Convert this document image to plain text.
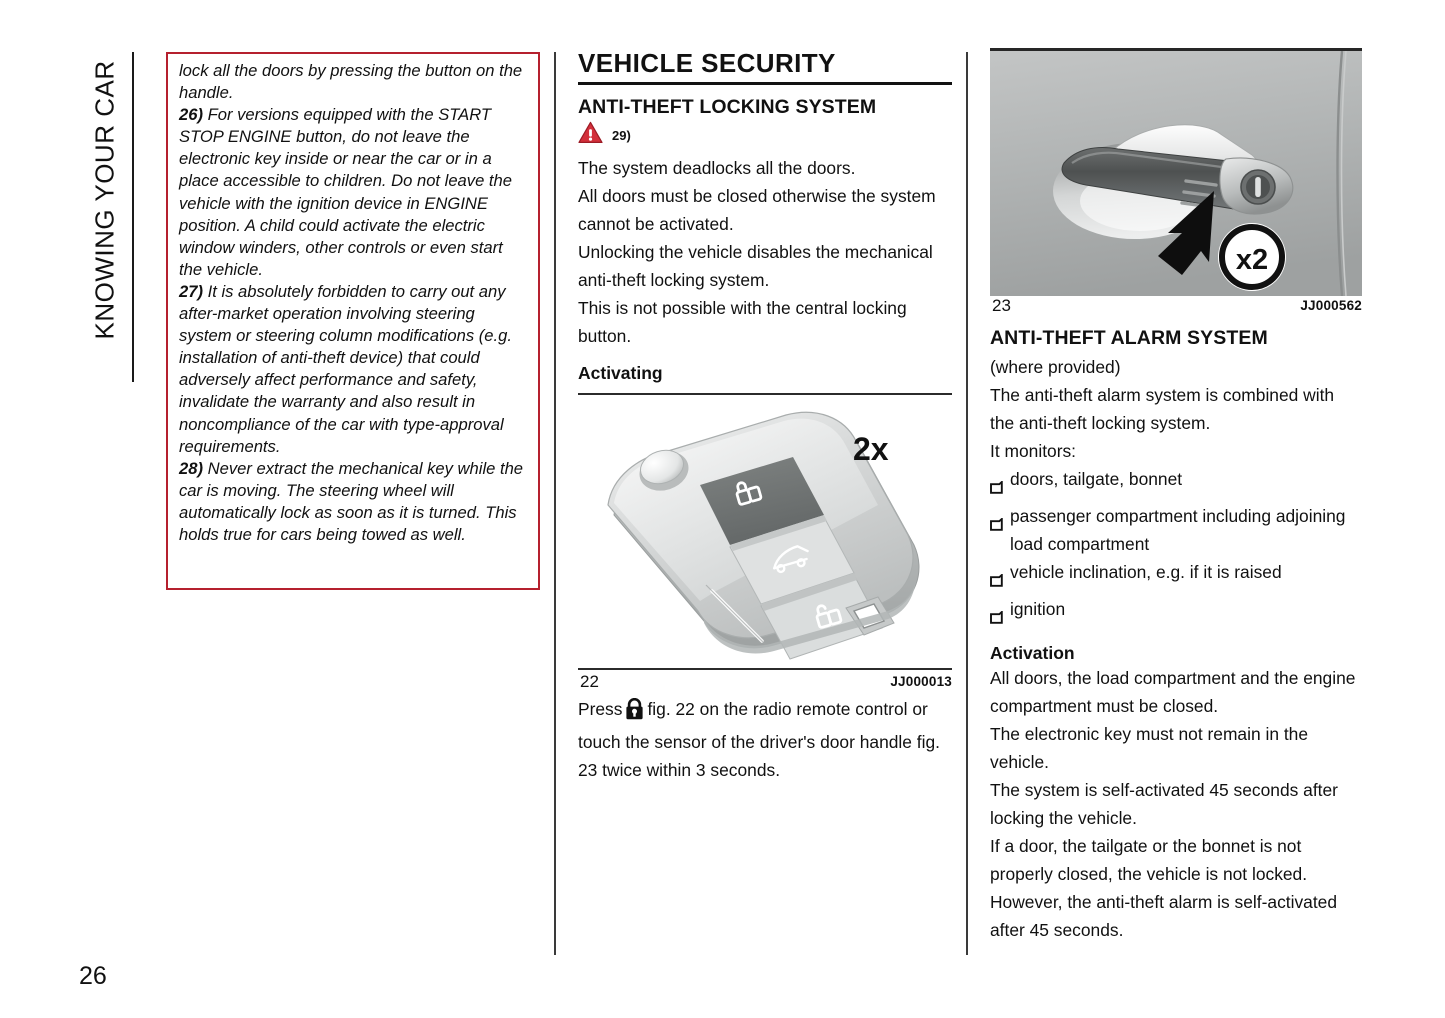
KNOWING YOUR CAR	lock all the doors by pressing the button on the handle.

26) For versions equipped with the START STOP ENGINE button, do not leave the electronic key inside or near the car or in a place accessible to children. Do not leave the vehicle with the ignition device in ENGINE position. A child could activate the electric window winders, other controls or even start the vehicle.

27) It is absolutely forbidden to carry out any after-market operation involving steering system or steering column modifications (e.g. installation of anti-theft device) that could adversely affect performance and safety, invalidate the warranty and also result in noncompliance of the car with type-approval requirements.

28) Never extract the mechanical key while the car is moving. The steering wheel will automatically lock as soon as it is turned. This holds true for cars being towed as well.

VEHICLE SECURITY
ANTI-THEFT LOCKING SYSTEM
29)

The system deadlocks all the doors.

All doors must be closed otherwise the system cannot be activated.

Unlocking the vehicle disables the mechanical anti-theft locking system.

This is not possible with the central locking button.

Activating
2x
22	JJ000013

Press fig. 22 on the radio remote control or touch the sensor of the driver's door handle fig. 23 twice within 3 seconds.

x2
23	JJ000562
ANTI-THEFT ALARM SYSTEM

(where provided)

The anti-theft alarm system is combined with the anti-theft locking system.

It monitors:

doors, tailgate, bonnet
passenger compartment including adjoining load compartment
vehicle inclination, e.g. if it is raised
ignition
Activation

All doors, the load compartment and the engine compartment must be closed.

The electronic key must not remain in the vehicle.

The system is self-activated 45 seconds after locking the vehicle.

If a door, the tailgate or the bonnet is not properly closed, the vehicle is not locked. However, the anti-theft alarm is self-activated after 45 seconds.

26
